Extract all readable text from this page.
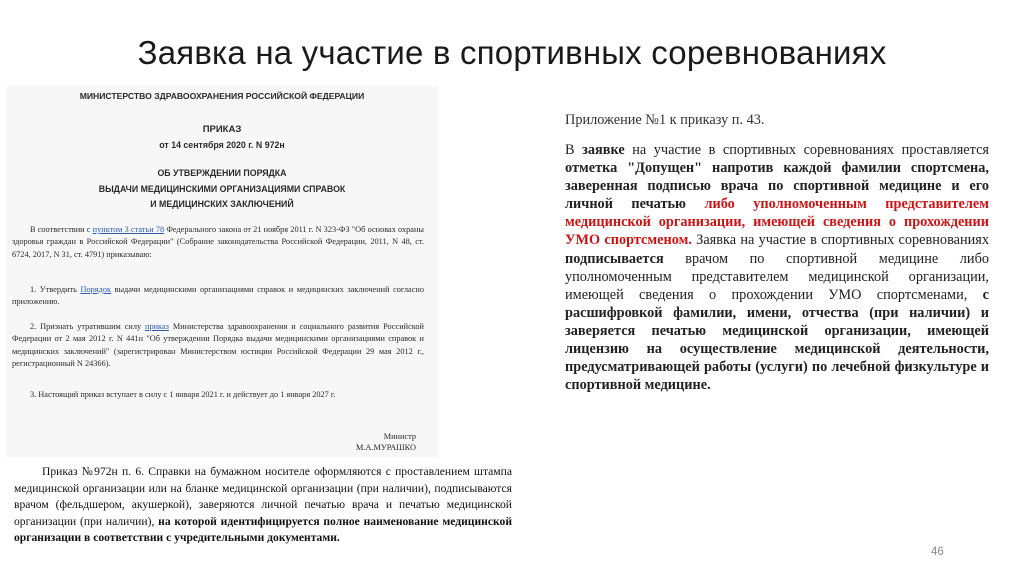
Заявка на участие в спортивных соревнованиях
МИНИСТЕРСТВО ЗДРАВООХРАНЕНИЯ РОССИЙСКОЙ ФЕДЕРАЦИИ
ПРИКАЗ
от 14 сентября 2020 г. N 972н
ОБ УТВЕРЖДЕНИИ ПОРЯДКА
ВЫДАЧИ МЕДИЦИНСКИМИ ОРГАНИЗАЦИЯМИ СПРАВОК
И МЕДИЦИНСКИХ ЗАКЛЮЧЕНИЙ
В соответствии с пунктом 3 статьи 78 Федерального закона от 21 ноября 2011 г. N 323-ФЗ "Об основах охраны здоровья граждан в Российской Федерации" (Собрание законодательства Российской Федерации, 2011, N 48, ст. 6724, 2017, N 31, ст. 4791) приказываю:
1. Утвердить Порядок выдачи медицинскими организациями справок и медицинских заключений согласно приложению.
2. Признать утратившим силу приказ Министерства здравоохранения и социального развития Российской Федерации от 2 мая 2012 г. N 441н "Об утверждении Порядка выдачи медицинскими организациями справок и медицинских заключений" (зарегистрирован Министерством юстиции Российской Федерации 29 мая 2012 г., регистрационный N 24366).
3. Настоящий приказ вступает в силу с 1 января 2021 г. и действует до 1 января 2027 г.
Министр
М.А.МУРАШКО
Приказ №972н п. 6. Справки на бумажном носителе оформляются с проставлением штампа медицинской организации или на бланке медицинской организации (при наличии), подписываются врачом (фельдшером, акушеркой), заверяются личной печатью врача и печатью медицинской организации (при наличии), на которой идентифицируется полное наименование медицинской организации в соответствии с учредительными документами.
Приложение №1 к приказу п. 43.
В заявке на участие в спортивных соревнованиях проставляется отметка "Допущен" напротив каждой фамилии спортсмена, заверенная подписью врача по спортивной медицине и его личной печатью либо уполномоченным представителем медицинской организации, имеющей сведения о прохождении УМО спортсменом. Заявка на участие в спортивных соревнованиях подписывается врачом по спортивной медицине либо уполномоченным представителем медицинской организации, имеющей сведения о прохождении УМО спортсменами, с расшифровкой фамилии, имени, отчества (при наличии) и заверяется печатью медицинской организации, имеющей лицензию на осуществление медицинской деятельности, предусматривающей работы (услуги) по лечебной физкультуре и спортивной медицине.
46
